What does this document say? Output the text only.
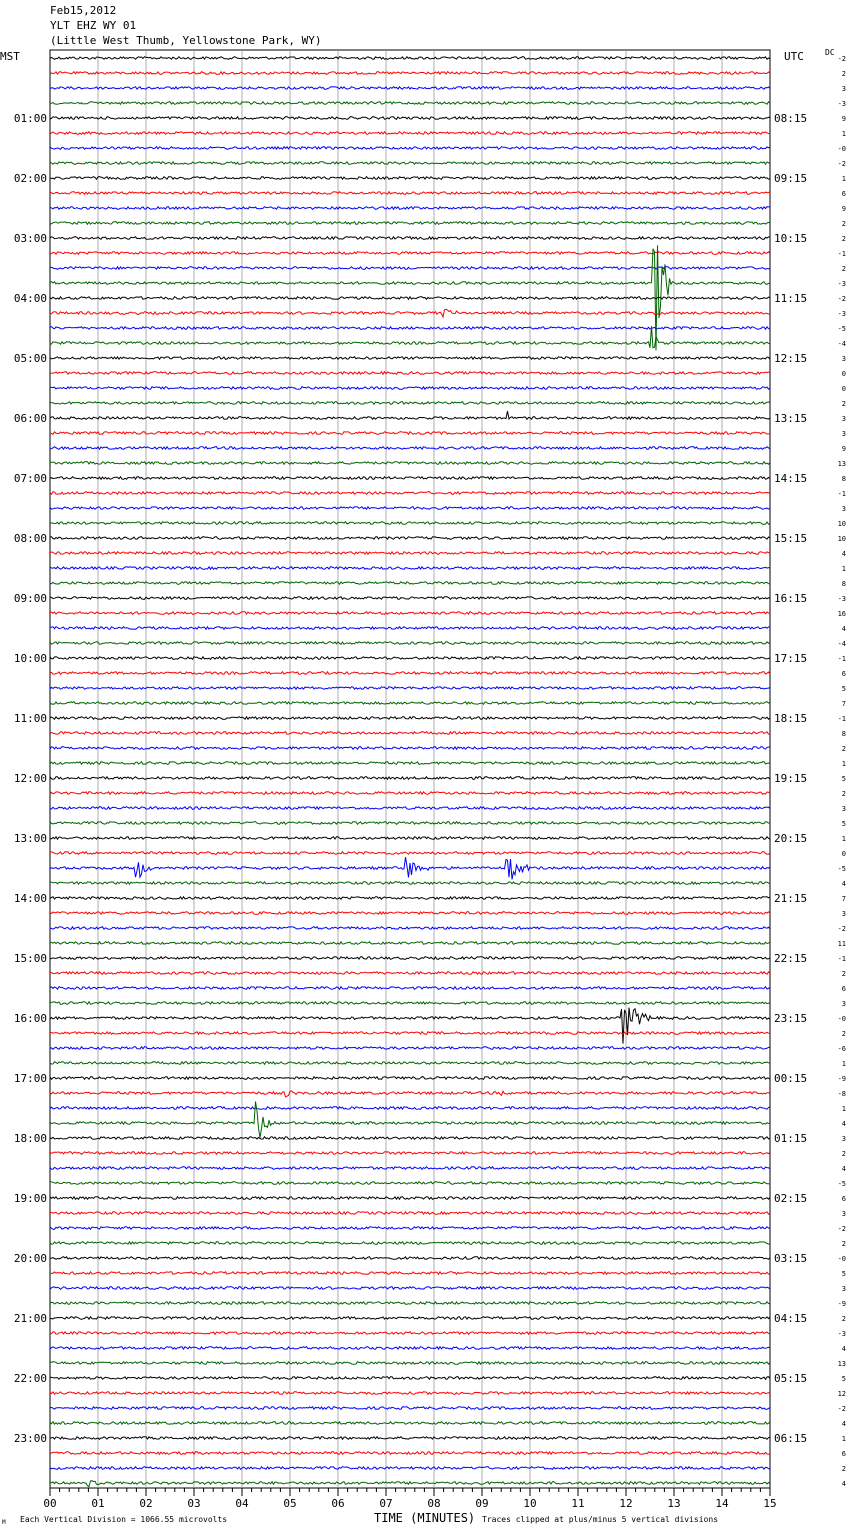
Feb15,2012
YLT EHZ WY 01
(Little West Thumb, Yellowstone Park, WY)
MST	UTC	DC
00	01	02	03	04	05	06	07	08	09	10	11	12	13	14	15
-2
2
3
-3
9
1
-0
-2
1
6
9
2
2
-1
2
-3
-2
-3
-5
-4
3
0
0
2
3
3
9
13
8
-1
3
10
10
4
1
8
-3
16
4
-4
-1
6
5
7
-1
8
2
1
5
2
3
5
1
0
-5
4
7
3
-2
11
-1
2
6
3
-0
2
-6
1
-9
-8
1
4
3
2
4
-5
6
3
-2
2
-0
5
3
-9
2
-3
4
13
5
12
-2
4
1
6
2
4
01:00
02:00
03:00
04:00
05:00
06:00
07:00
08:00
09:00
10:00
11:00
12:00
13:00
14:00
15:00
16:00
17:00
18:00
19:00
20:00
21:00
22:00
23:00
08:15
09:15
10:15
11:15
12:15
13:15
14:15
15:15
16:15
17:15
18:15
19:15
20:15
21:15
22:15
23:15
00:15
01:15
02:15
03:15
04:15
05:15
06:15
TIME (MINUTES)
Each Vertical Division = 1066.55 microvolts	Traces clipped at plus/minus 5 vertical divisions
M
